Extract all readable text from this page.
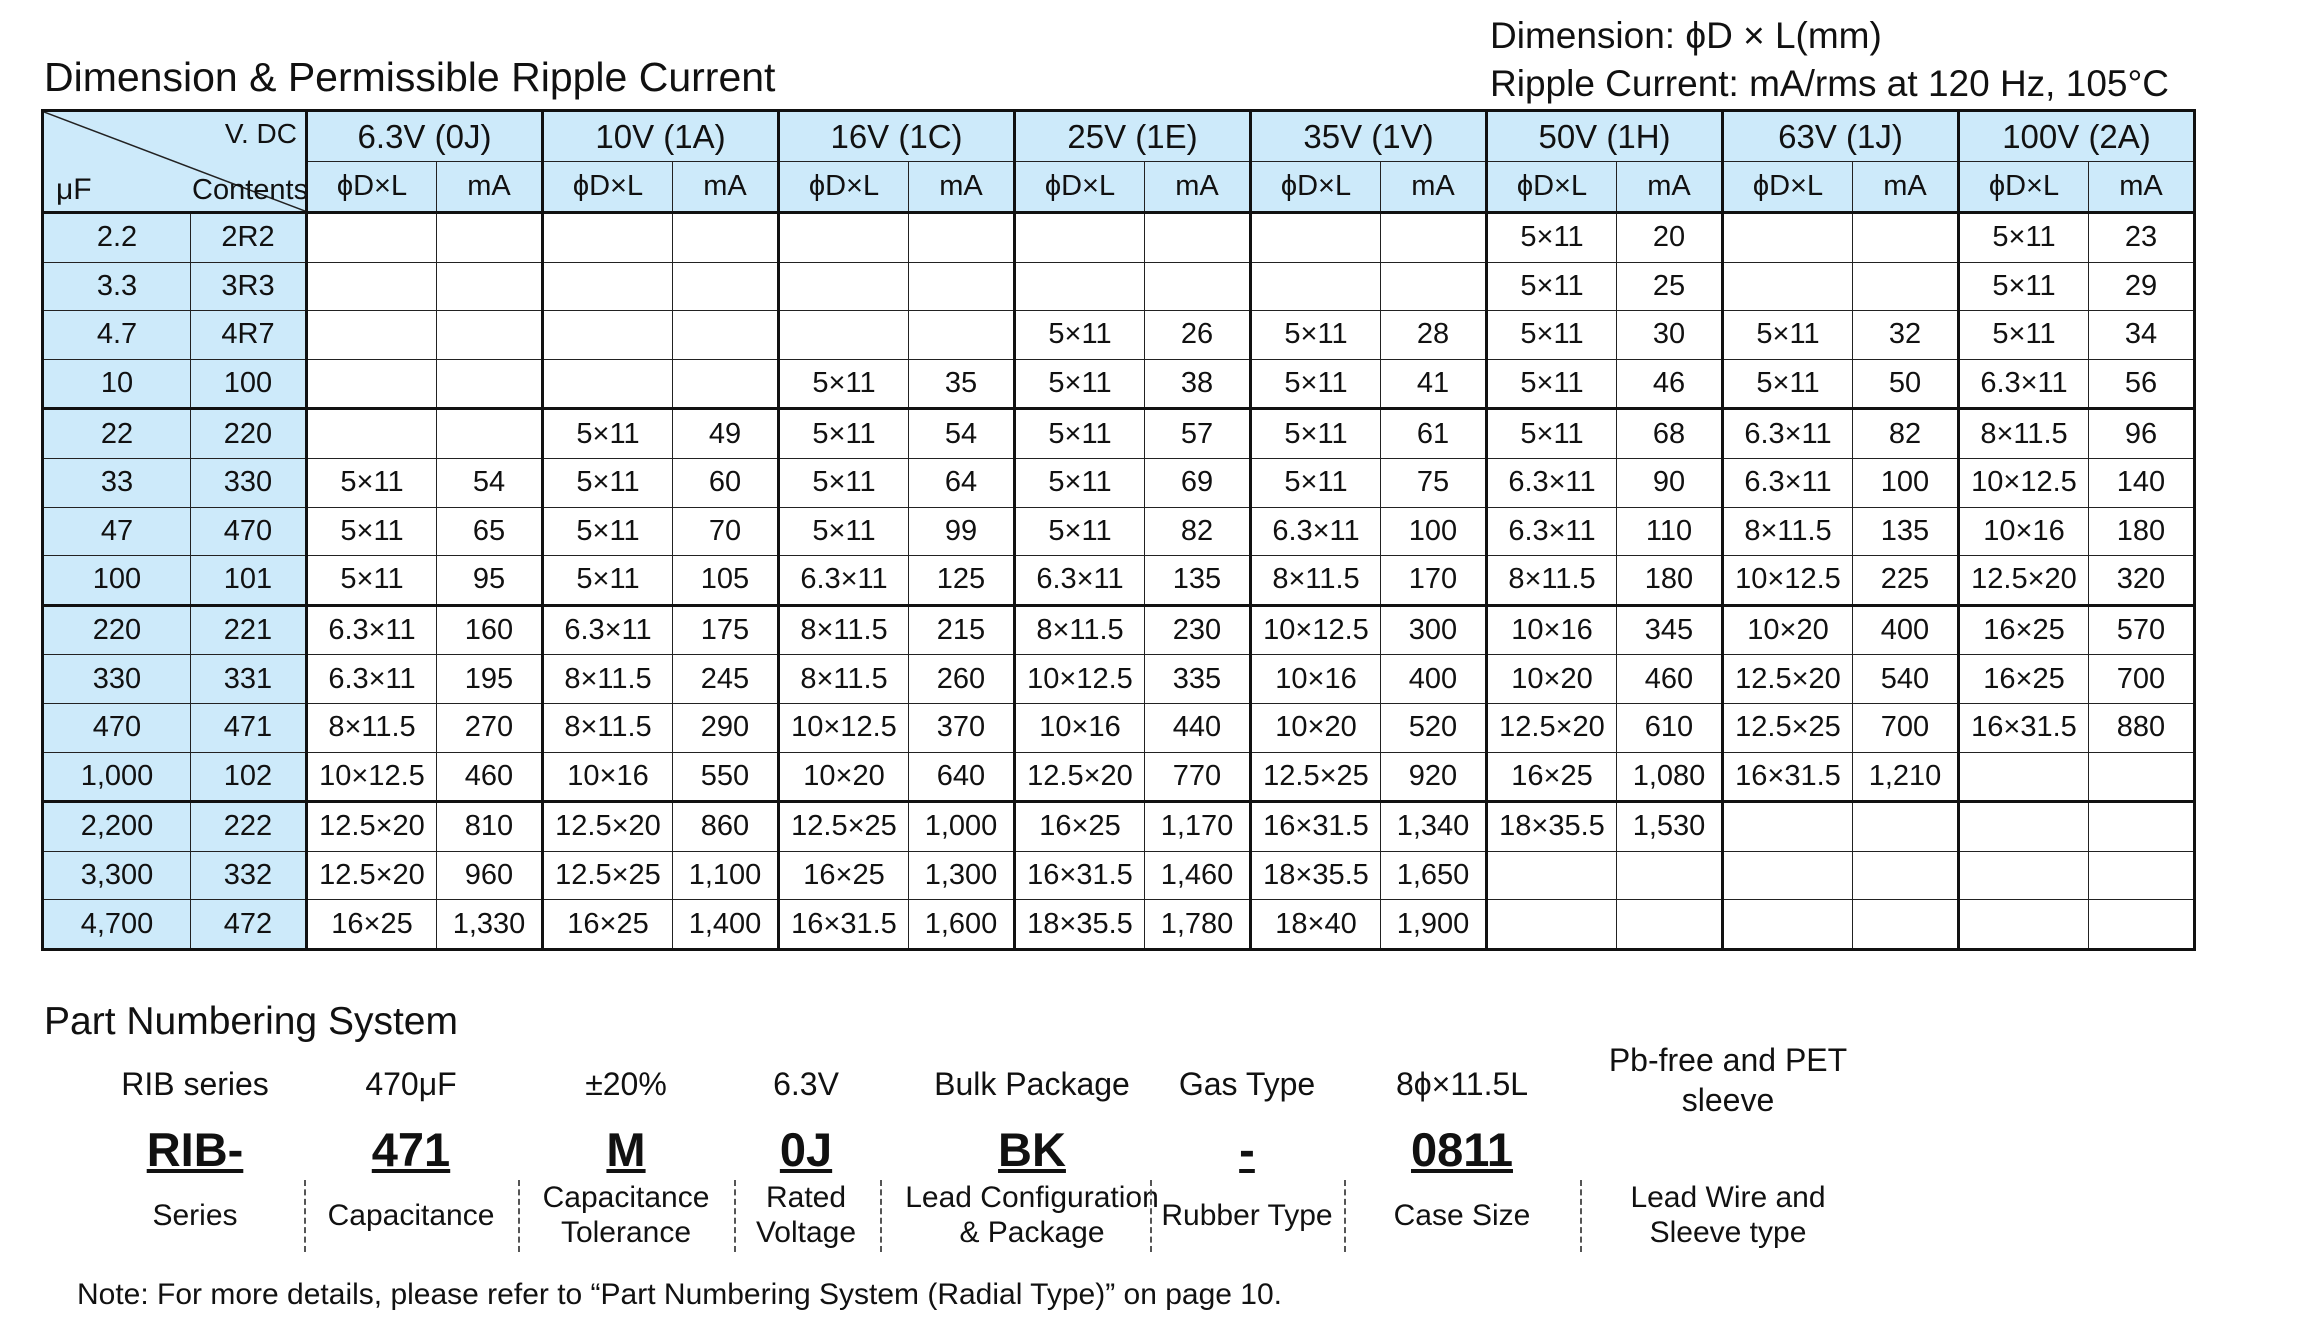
Dimension & Permissible Ripple Current
Dimension: ϕD × L(mm)
Ripple Current: mA/rms at 120 Hz, 105°C
V. DC
μF Contents		6.3V (0J)		10V (1A)		16V (1C)		25V (1E)		35V (1V)		50V (1H)		63V (1J)		100V (2A)	
		ϕD×L	mA	ϕD×L	mA	ϕD×L	mA	ϕD×L	mA	ϕD×L	mA	ϕD×L	mA	ϕD×L	mA	ϕD×L	mA
2.2	2R2											5×11	20			5×11	23
3.3	3R3											5×11	25			5×11	29
4.7	4R7							5×11	26	5×11	28	5×11	30	5×11	32	5×11	34
10	100					5×11	35	5×11	38	5×11	41	5×11	46	5×11	50	6.3×11	56
22	220			5×11	49	5×11	54	5×11	57	5×11	61	5×11	68	6.3×11	82	8×11.5	96
33	330	5×11	54	5×11	60	5×11	64	5×11	69	5×11	75	6.3×11	90	6.3×11	100	10×12.5	140
47	470	5×11	65	5×11	70	5×11	99	5×11	82	6.3×11	100	6.3×11	110	8×11.5	135	10×16	180
100	101	5×11	95	5×11	105	6.3×11	125	6.3×11	135	8×11.5	170	8×11.5	180	10×12.5	225	12.5×20	320
220	221	6.3×11	160	6.3×11	175	8×11.5	215	8×11.5	230	10×12.5	300	10×16	345	10×20	400	16×25	570
330	331	6.3×11	195	8×11.5	245	8×11.5	260	10×12.5	335	10×16	400	10×20	460	12.5×20	540	16×25	700
470	471	8×11.5	270	8×11.5	290	10×12.5	370	10×16	440	10×20	520	12.5×20	610	12.5×25	700	16×31.5	880
1,000	102	10×12.5	460	10×16	550	10×20	640	12.5×20	770	12.5×25	920	16×25	1,080	16×31.5	1,210		
2,200	222	12.5×20	810	12.5×20	860	12.5×25	1,000	16×25	1,170	16×31.5	1,340	18×35.5	1,530				
3,300	332	12.5×20	960	12.5×25	1,100	16×25	1,300	16×31.5	1,460	18×35.5	1,650						
4,700	472	16×25	1,330	16×25	1,400	16×31.5	1,600	18×35.5	1,780	18×40	1,900						
Part Numbering System
RIB series
RIB-
Series
470μF
471
Capacitance
±20%
M
Capacitance
Tolerance
6.3V
0J
Rated
Voltage
Bulk Package
BK
Lead Configuration
& Package
Gas Type
-
Rubber Type
8ϕ×11.5L
0811
Case Size
Pb-free and PET
sleeve
Lead Wire and
Sleeve type
Note: For more details, please refer to “Part Numbering System (Radial Type)” on page 10.
